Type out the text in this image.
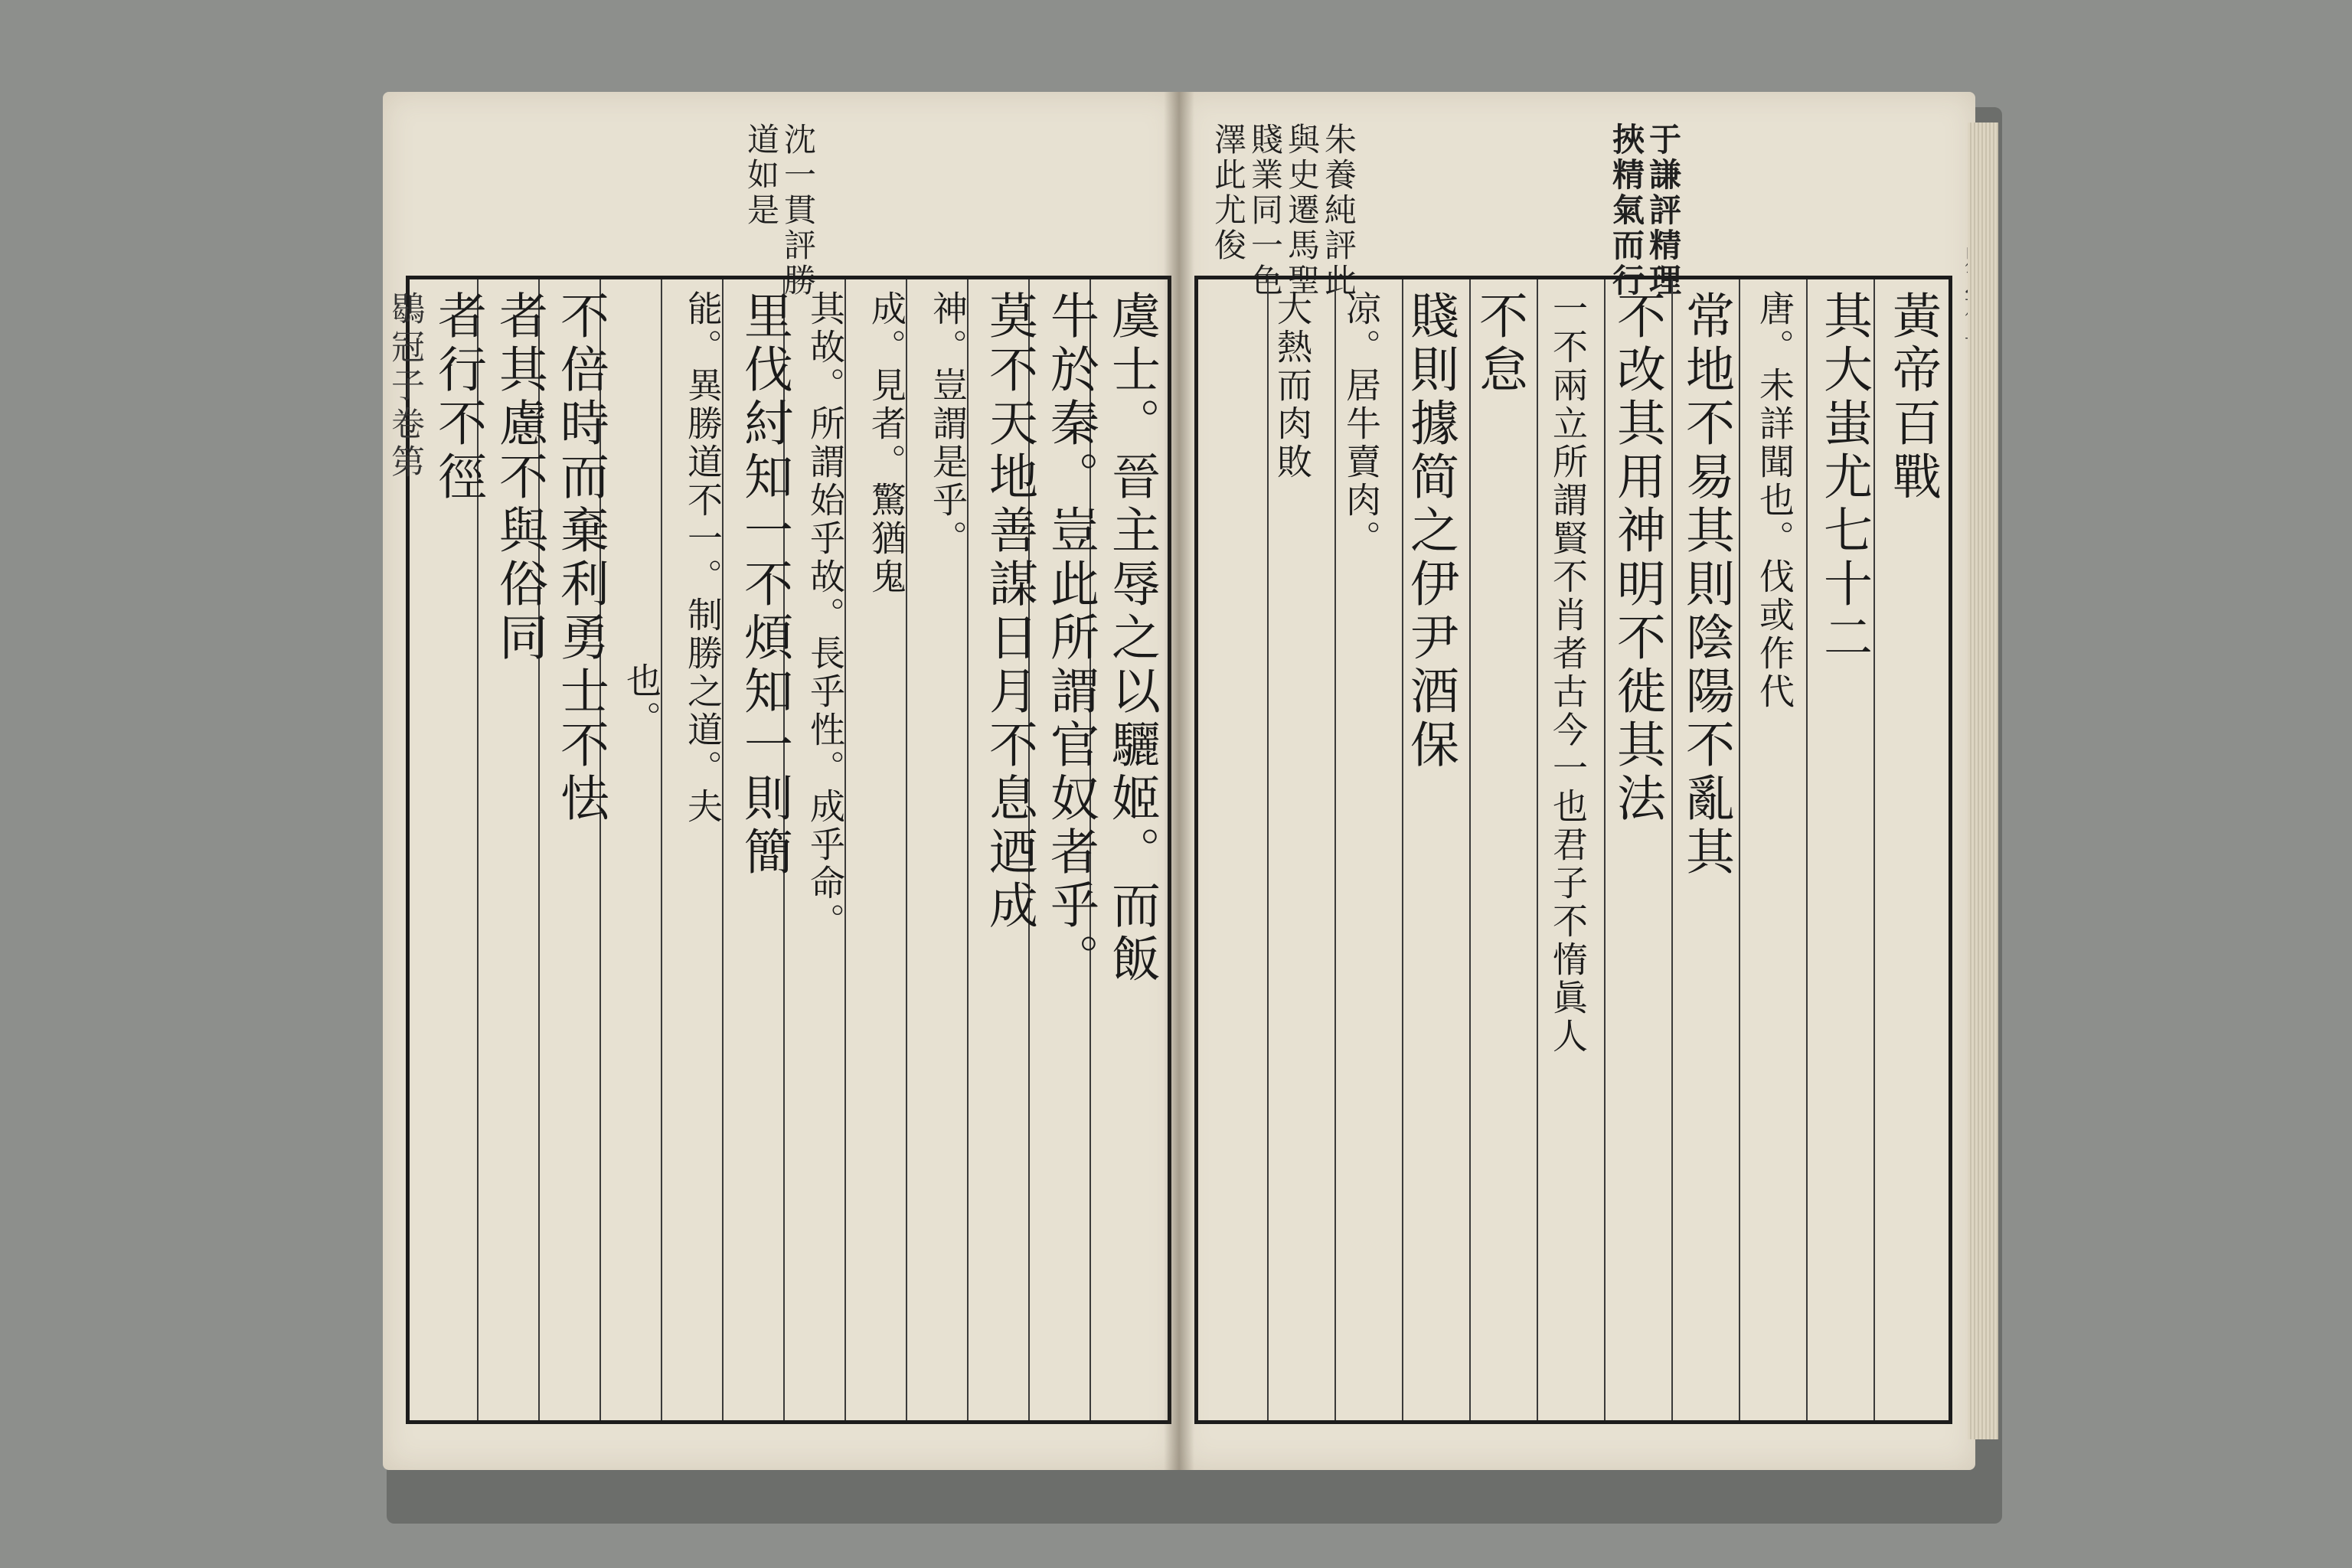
沈一貫評勝
道如是
虞士。晉主辱之以驪姬。而飯
牛於秦。豈此所謂官奴者乎。
莫不天地善謀日月不息迺成
神。豈謂是乎。
成。見者。驚猶鬼
其故。所謂始乎故。長乎性。成乎命。
里伐紂知一不煩知一則簡
能。異勝道不一。制勝之道。夫
也。
不倍時而棄利勇士不怯
者其慮不與俗同
者行不徑
鶡冠子卷第
朱養純評此
與史遷馬聖
賤業同一色
澤此尤俊	于謙評精理
挾精氣而行
黃帝百戰
其大蚩尤七十二
唐。未詳聞也。伐或作代
常地不易其則陰陽不亂其
不改其用神明不徙其法
一不兩立所謂賢不肖者古今一也君子不惰眞人
不怠
賤則據简之伊尹酒保
凉。居牛賣肉。
大熱而肉敗
